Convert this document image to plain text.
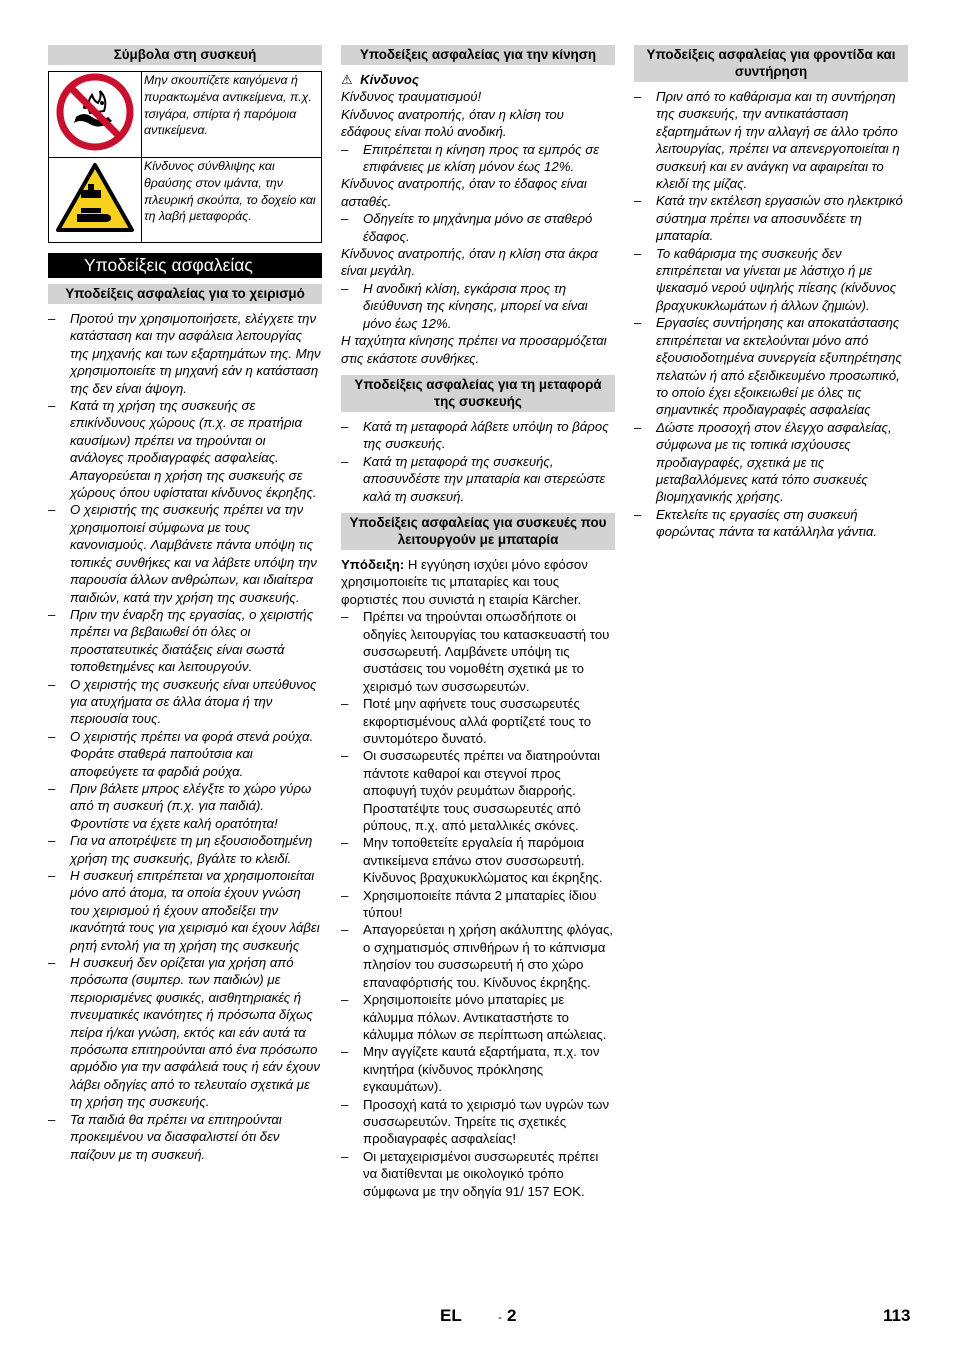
Σύμβολα στη συσκευή
	Μην σκουπίζετε καιγόμενα ή πυρακτωμένα αντικείμενα, π.χ. τσιγάρα, σπίρτα ή παρόμοια αντικείμενα.
	Κίνδυνος σύνθλιψης και θραύσης στον ιμάντα, την πλευρική σκούπα, το δοχείο και τη λαβή μεταφοράς.
Υποδείξεις ασφαλείας
Υποδείξεις ασφαλείας για το χειρισμό
– Προτού την χρησιμοποιήσετε, ελέγχετε την κατάσταση και την ασφάλεια λειτουργίας της μηχανής και των εξαρτημάτων της. Μην χρησιμοποιείτε τη μηχανή εάν η κατάσταση της δεν είναι άψογη.
– Κατά τη χρήση της συσκευής σε επικίνδυνους χώρους (π.χ. σε πρατήρια καυσίμων) πρέπει να τηρούνται οι ανάλογες προδιαγραφές ασφαλείας. Απαγορεύεται η χρήση της συσκευής σε χώρους όπου υφίσταται κίνδυνος έκρηξης.
– Ο χειριστής της συσκευής πρέπει να την χρησιμοποιεί σύμφωνα με τους κανονισμούς. Λαμβάνετε πάντα υπόψη τις τοπικές συνθήκες και να λάβετε υπόψη την παρουσία άλλων ανθρώπων, και ιδιαίτερα παιδιών, κατά την χρήση της συσκευής.
– Πριν την έναρξη της εργασίας, ο χειριστής πρέπει να βεβαιωθεί ότι όλες οι προστατευτικές διατάξεις είναι σωστά τοποθετημένες και λειτουργούν.
– Ο χειριστής της συσκευής είναι υπεύθυνος για ατυχήματα σε άλλα άτομα ή την περιουσία τους.
– Ο χειριστής πρέπει να φορά στενά ρούχα. Φοράτε σταθερά παπούτσια και αποφεύγετε τα φαρδιά ρούχα.
– Πριν βάλετε μπρος ελέγξτε το χώρο γύρω από τη συσκευή (π.χ. για παιδιά). Φροντίστε να έχετε καλή ορατότητα!
– Για να αποτρέψετε τη μη εξουσιοδοτημένη χρήση της συσκευής, βγάλτε το κλειδί.
– Η συσκευή επιτρέπεται να χρησιμοποιείται μόνο από άτομα, τα οποία έχουν γνώση του χειρισμού ή έχουν αποδείξει την ικανότητά τους για χειρισμό και έχουν λάβει ρητή εντολή για τη χρήση της συσκευής
– Η συσκευή δεν ορίζεται για χρήση από πρόσωπα (συμπερ. των παιδιών) με περιορισμένες φυσικές, αισθητηριακές ή πνευματικές ικανότητες ή πρόσωπα δίχως πείρα ή/και γνώση, εκτός και εάν αυτά τα πρόσωπα επιτηρούνται από ένα πρόσωπο αρμόδιο για την ασφάλειά τους ή εάν έχουν λάβει οδηγίες από το τελευταίο σχετικά με τη χρήση της συσκευής.
– Τα παιδιά θα πρέπει να επιτηρούνται προκειμένου να διασφαλιστεί ότι δεν παίζουν με τη συσκευή.
Υποδείξεις ασφαλείας για την κίνηση

⚠ Κίνδυνος

Κίνδυνος τραυματισμού!

Κίνδυνος ανατροπής, όταν η κλίση του εδάφους είναι πολύ ανοδική.

– Επιτρέπεται η κίνηση προς τα εμπρός σε επιφάνειες με κλίση μόνον έως 12%.

Κίνδυνος ανατροπής, όταν το έδαφος είναι ασταθές.

– Οδηγείτε το μηχάνημα μόνο σε σταθερό έδαφος.

Κίνδυνος ανατροπής, όταν η κλίση στα άκρα είναι μεγάλη.

– Η ανοδική κλίση, εγκάρσια προς τη διεύθυνση της κίνησης, μπορεί να είναι μόνο έως 12%.

Η ταχύτητα κίνησης πρέπει να προσαρμόζεται στις εκάστοτε συνθήκες.

Υποδείξεις ασφαλείας για τη μεταφορά της συσκευής
– Κατά τη μεταφορά λάβετε υπόψη το βάρος της συσκευής.
– Κατά τη μεταφορά της συσκευής, αποσυνδέστε την μπαταρία και στερεώστε καλά τη συσκευή.
Υποδείξεις ασφαλείας για συσκευές που λειτουργούν με μπαταρία

Υπόδειξη: Η εγγύηση ισχύει μόνο εφόσον χρησιμοποιείτε τις μπαταρίες και τους φορτιστές που συνιστά η εταιρία Kärcher.

– Πρέπει να τηρούνται οπωσδήποτε οι οδηγίες λειτουργίας του κατασκευαστή του συσσωρευτή. Λαμβάνετε υπόψη τις συστάσεις του νομοθέτη σχετικά με το χειρισμό των συσσωρευτών.
– Ποτέ μην αφήνετε τους συσσωρευτές εκφορτισμένους αλλά φορτίζετέ τους το συντομότερο δυνατό.
– Οι συσσωρευτές πρέπει να διατηρούνται πάντοτε καθαροί και στεγνοί προς αποφυγή τυχόν ρευμάτων διαρροής. Προστατέψτε τους συσσωρευτές από ρύπους, π.χ. από μεταλλικές σκόνες.
– Μην τοποθετείτε εργαλεία ή παρόμοια αντικείμενα επάνω στον συσσωρευτή. Κίνδυνος βραχυκυκλώματος και έκρηξης.
– Χρησιμοποιείτε πάντα 2 μπαταρίες ίδιου τύπου!
– Απαγορεύεται η χρήση ακάλυπτης φλόγας, ο σχηματισμός σπινθήρων ή το κάπνισμα πλησίον του συσσωρευτή ή στο χώρο επαναφόρτισής του. Κίνδυνος έκρηξης.
– Χρησιμοποιείτε μόνο μπαταρίες με κάλυμμα πόλων. Αντικαταστήστε το κάλυμμα πόλων σε περίπτωση απώλειας.
– Μην αγγίζετε καυτά εξαρτήματα, π.χ. τον κινητήρα (κίνδυνος πρόκλησης εγκαυμάτων).
– Προσοχή κατά το χειρισμό των υγρών των συσσωρευτών. Τηρείτε τις σχετικές προδιαγραφές ασφαλείας!
– Οι μεταχειρισμένοι συσσωρευτές πρέπει να διατίθενται με οικολογικό τρόπο σύμφωνα με την οδηγία 91/ 157 ΕΟΚ.
Υποδείξεις ασφαλείας για φροντίδα και συντήρηση
– Πριν από το καθάρισμα και τη συντήρηση της συσκευής, την αντικατάσταση εξαρτημάτων ή την αλλαγή σε άλλο τρόπο λειτουργίας, πρέπει να απενεργοποιείται η συσκευή και εν ανάγκη να αφαιρείται το κλειδί της μίζας.
– Κατά την εκτέλεση εργασιών στο ηλεκτρικό σύστημα πρέπει να αποσυνδέετε τη μπαταρία.
– Το καθάρισμα της συσκευής δεν επιτρέπεται να γίνεται με λάστιχο ή με ψεκασμό νερού υψηλής πίεσης (κίνδυνος βραχυκυκλωμάτων ή άλλων ζημιών).
– Εργασίες συντήρησης και αποκατάστασης επιτρέπεται να εκτελούνται μόνο από εξουσιοδοτημένα συνεργεία εξυπηρέτησης πελατών ή από εξειδικευμένο προσωπικό, το οποίο έχει εξοικειωθεί με όλες τις σημαντικές προδιαγραφές ασφαλείας
– Δώστε προσοχή στον έλεγχο ασφαλείας, σύμφωνα με τις τοπικά ισχύουσες προδιαγραφές, σχετικά με τις μεταβαλλόμενες κατά τόπο συσκευές βιομηχανικής χρήσης.
– Εκτελείτε τις εργασίες στη συσκευή φορώντας πάντα τα κατάλληλα γάντια.
EL	- 2	113
